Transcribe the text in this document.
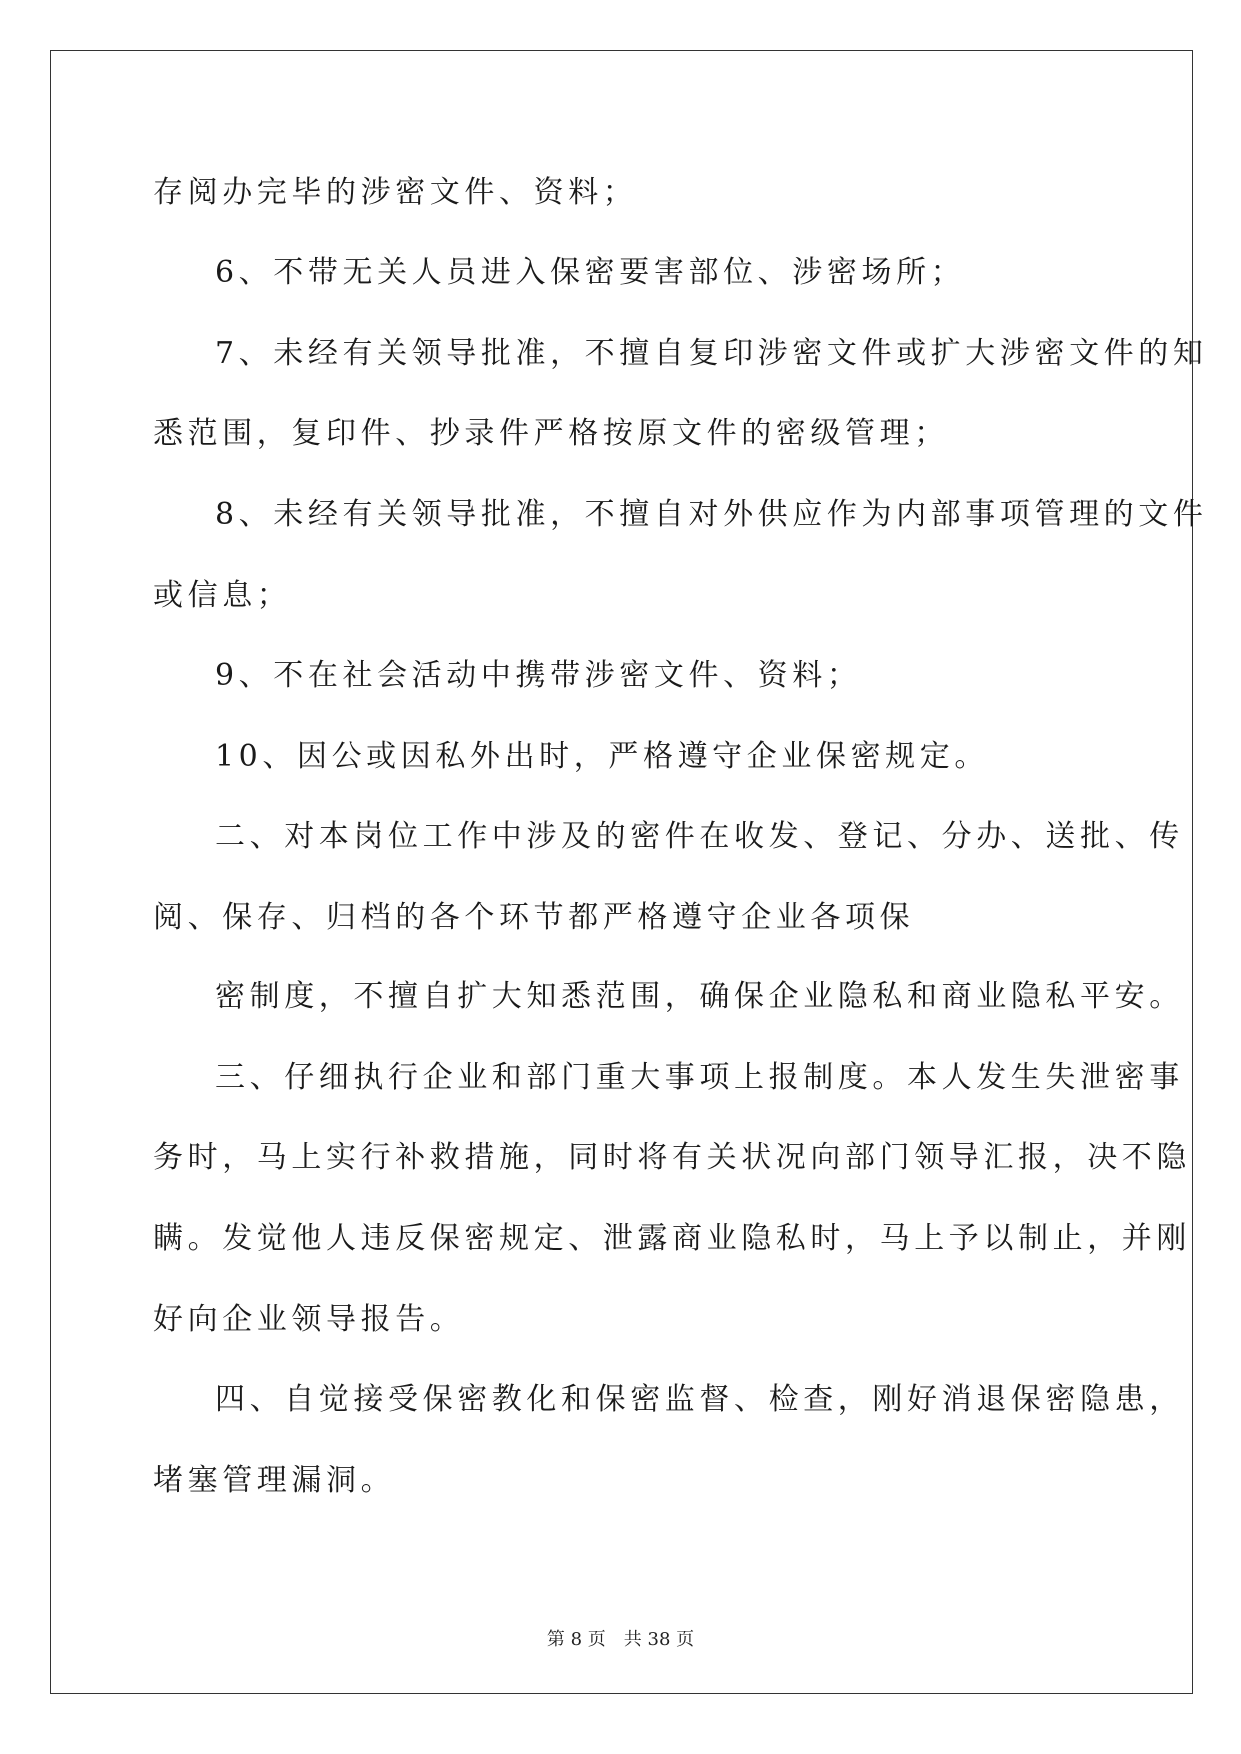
存阅办完毕的涉密文件、资料；
6、不带无关人员进入保密要害部位、涉密场所；
7、未经有关领导批准，不擅自复印涉密文件或扩大涉密文件的知
悉范围，复印件、抄录件严格按原文件的密级管理；
8、未经有关领导批准，不擅自对外供应作为内部事项管理的文件
或信息；
9、不在社会活动中携带涉密文件、资料；
10、因公或因私外出时，严格遵守企业保密规定。
二、对本岗位工作中涉及的密件在收发、登记、分办、送批、传
阅、保存、归档的各个环节都严格遵守企业各项保
密制度，不擅自扩大知悉范围，确保企业隐私和商业隐私平安。
三、仔细执行企业和部门重大事项上报制度。本人发生失泄密事
务时，马上实行补救措施，同时将有关状况向部门领导汇报，决不隐
瞒。发觉他人违反保密规定、泄露商业隐私时，马上予以制止，并刚
好向企业领导报告。
四、自觉接受保密教化和保密监督、检查，刚好消退保密隐患，
堵塞管理漏洞。
第 8 页　共 38 页
